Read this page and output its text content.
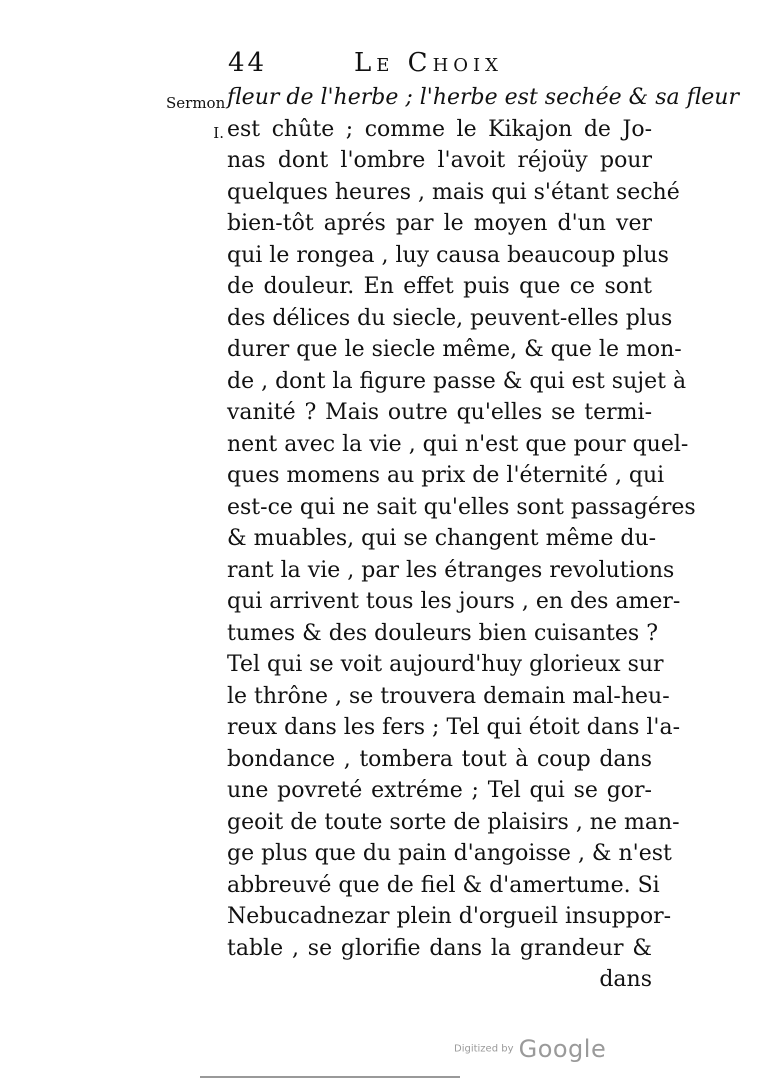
44	Le Choix
Sermon
I.
fleur de l'herbe ; l'herbe est sechée & sa fleur
est chûte ; comme le Kikajon de Jo-
nas dont l'ombre l'avoit réjoüy pour
quelques heures , mais qui s'étant seché
bien-tôt aprés par le moyen d'un ver
qui le rongea , luy causa beaucoup plus
de douleur. En effet puis que ce sont
des délices du siecle, peuvent-elles plus
durer que le siecle même, & que le mon-
de , dont la figure passe & qui est sujet à
vanité ? Mais outre qu'elles se termi-
nent avec la vie , qui n'est que pour quel-
ques momens au prix de l'éternité , qui
est-ce qui ne sait qu'elles sont passagéres
& muables, qui se changent même du-
rant la vie , par les étranges revolutions
qui arrivent tous les jours , en des amer-
tumes & des douleurs bien cuisantes ?
Tel qui se voit aujourd'huy glorieux sur
le thrône , se trouvera demain mal-heu-
reux dans les fers ; Tel qui étoit dans l'a-
bondance , tombera tout à coup dans
une povreté extréme ; Tel qui se gor-
geoit de toute sorte de plaisirs , ne man-
ge plus que du pain d'angoisse , & n'est
abbreuvé que de fiel & d'amertume. Si
Nebucadnezar plein d'orgueil insuppor-
table , se glorifie dans la grandeur &
dans
Digitized by Google
